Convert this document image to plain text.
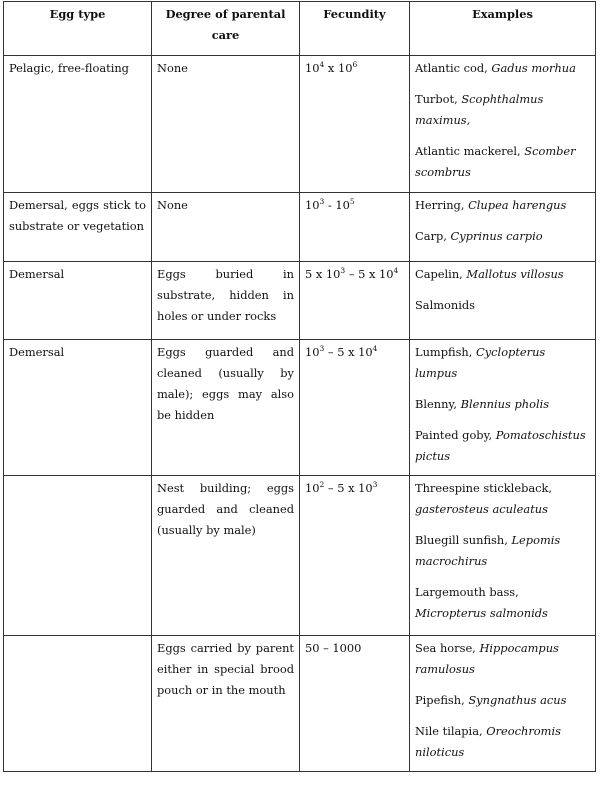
Egg type	Degree of parental care	Fecundity	Examples
Pelagic, free-floating	None	$10^4$ x $10^6$	Atlantic cod, Gadus morhua

Turbot, Scophthalmus maximus,

Atlantic mackerel, Scomber scombrus

Demersal, eggs stick to substrate or vegetation	None	$10^3 - 10^5$	Herring, Clupea harengus

Carp, Cyprinus carpio

Demersal	Eggs buried in substrate, hidden in holes or under rocks	5 x $10^3 - 5$ x $10^4$	Capelin, Mallotus villosus

Salmonids

Demersal	Eggs guarded and cleaned (usually by male); eggs may also be hidden	$10^3 - 5$ x $10^4$	Lumpfish, Cyclopterus lumpus

Blenny, Blennius pholis

Painted goby, Pomatoschistus pictus

	Nest building; eggs guarded and cleaned (usually by male)	$10^2 - 5$ x $10^3$	Threespine stickleback, gasterosteus aculeatus

Bluegill sunfish, Lepomis macrochirus

Largemouth bass, Micropterus salmonids

	Eggs carried by parent either in special brood pouch or in the mouth	50 – 1000	Sea horse, Hippocampus ramulosus

Pipefish, Syngnathus acus

Nile tilapia, Oreochromis niloticus
